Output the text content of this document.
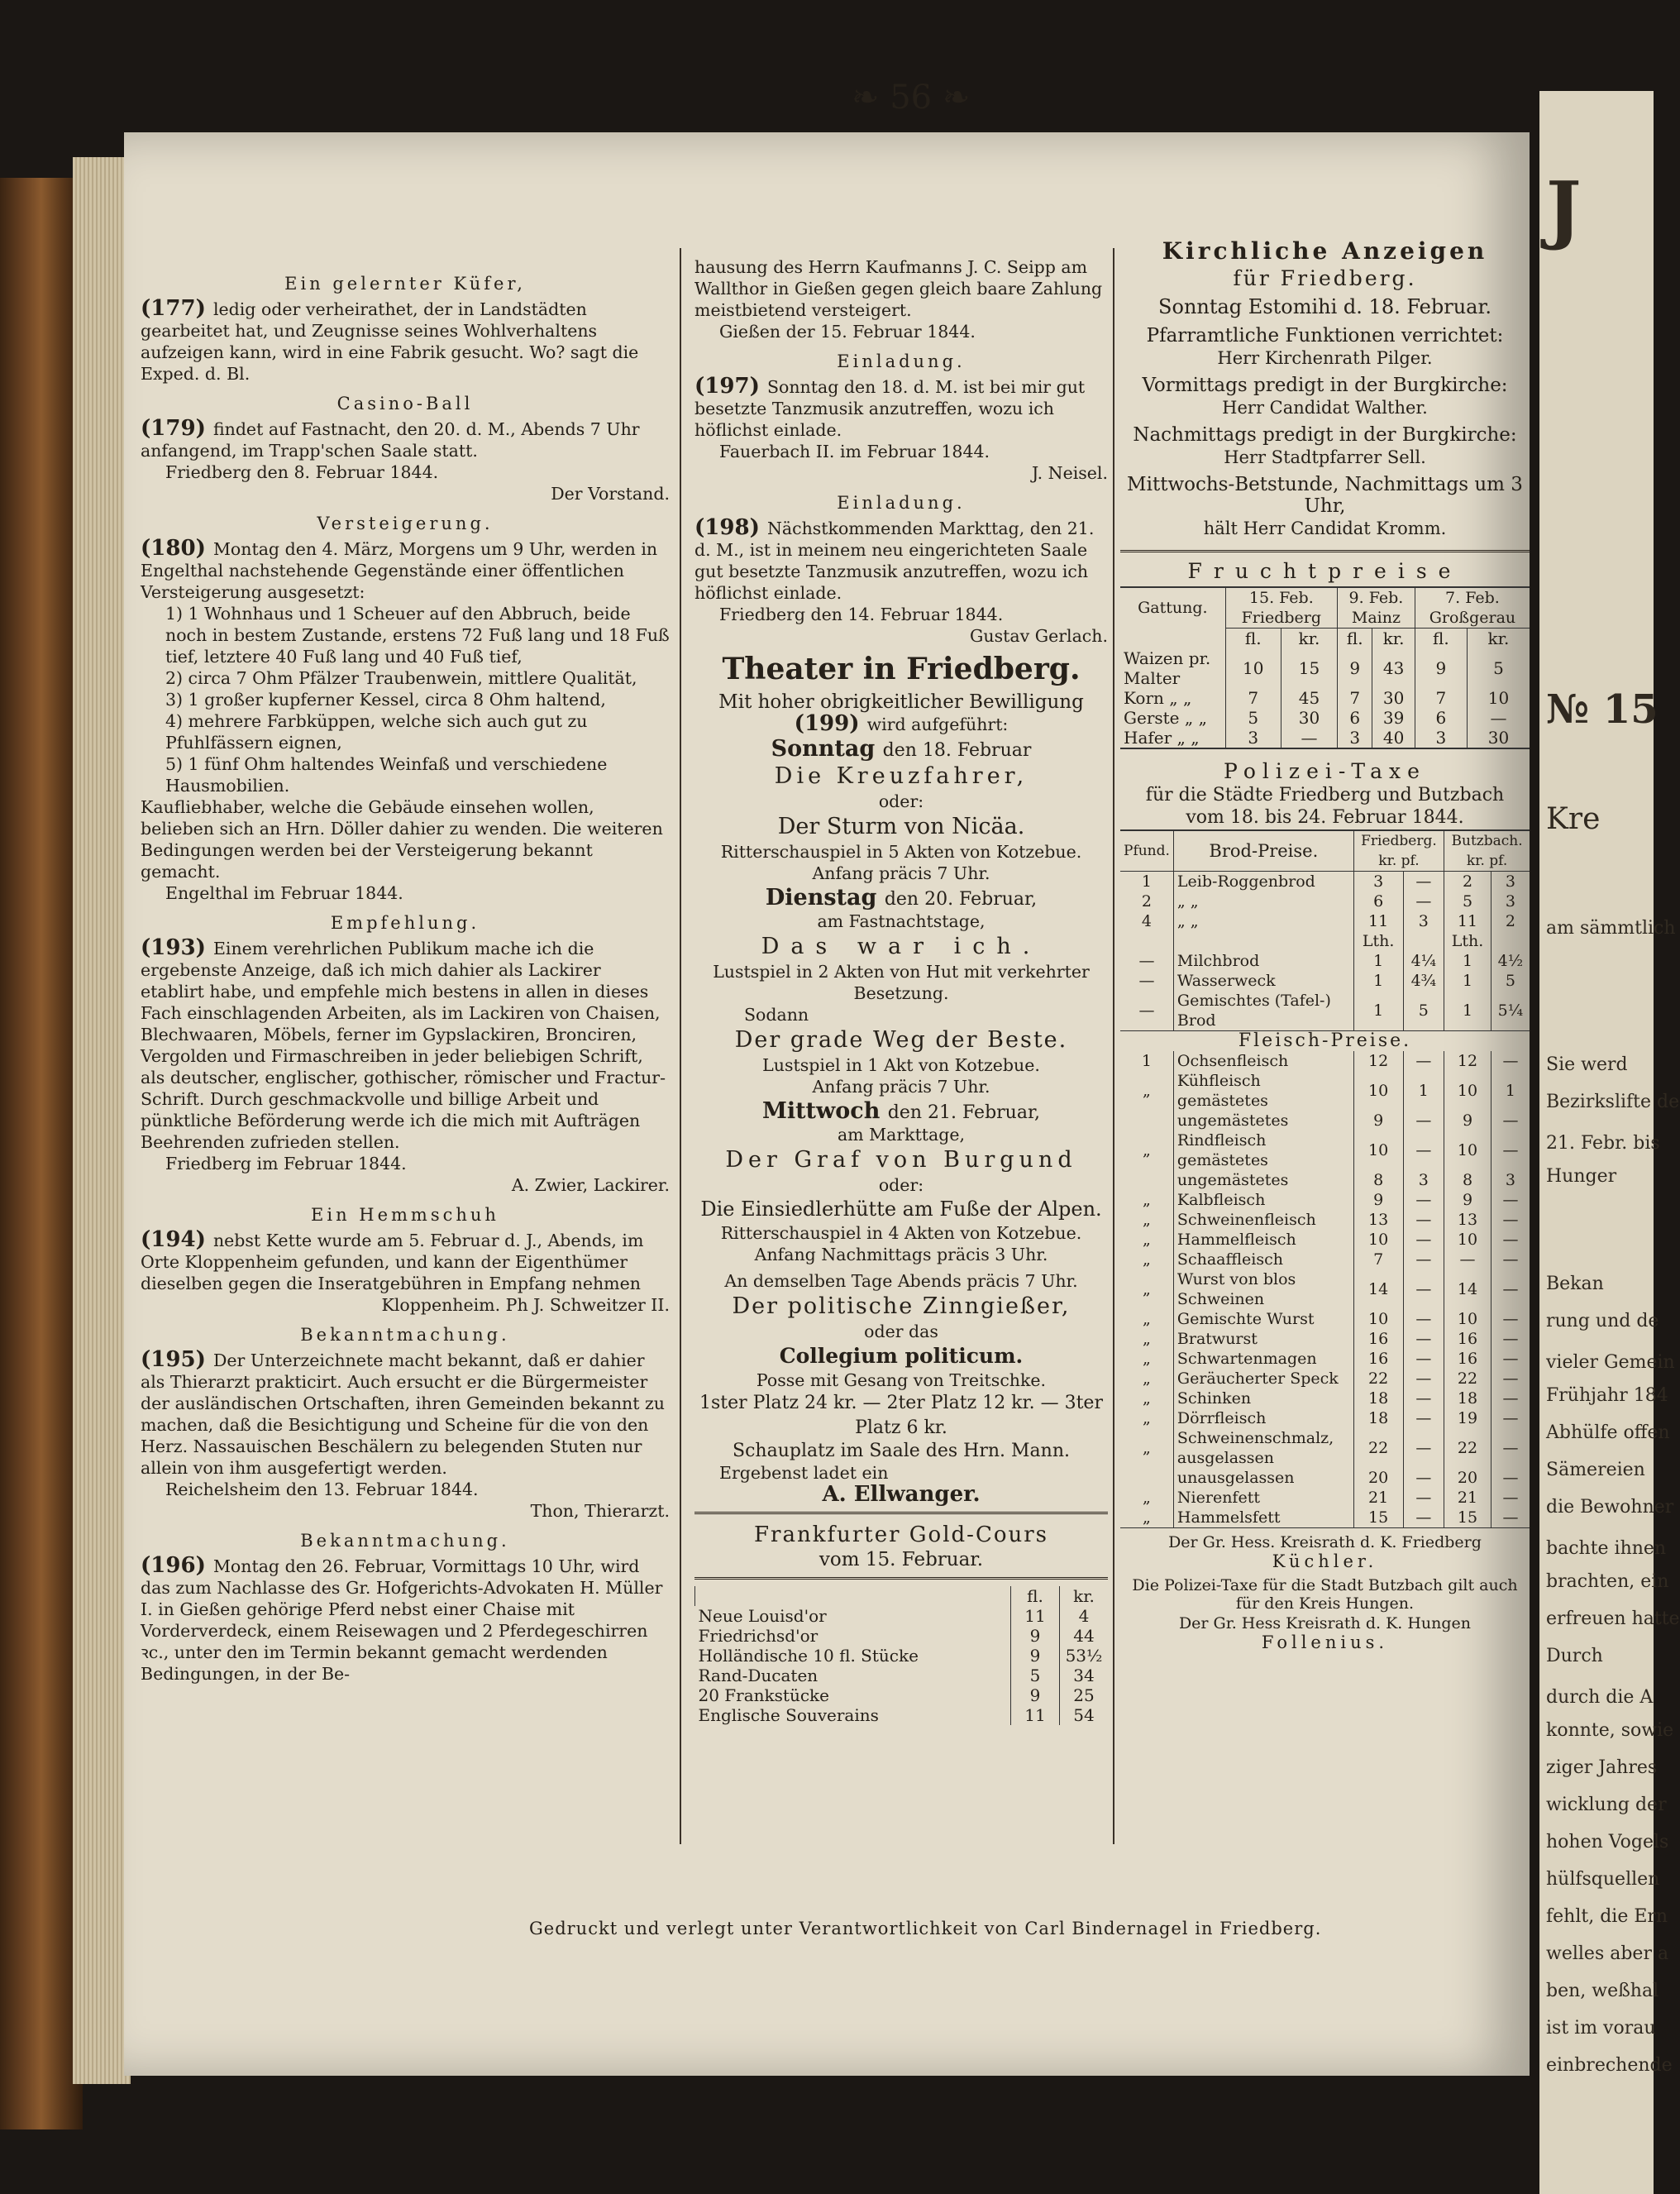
J
№ 15
Kre
am sämmtlich
Sie werd
Bezirkslifte de
21. Febr. bis
Hunger
Bekan
rung und de
vieler Gemein
Frühjahr 184
Abhülfe offen
Sämereien
die Bewohner
bachte ihnen
brachten, ein
erfreuen hatte
Durch
durch die A
konnte, sowie
ziger Jahres
wicklung der
hohen Vogels
hülfsquellen
fehlt, die Ern
welles aber a
ben, weßhal
ist im vorau
einbrechende
❧ 56 ❧
Ein gelernter Küfer,

(177) ledig oder verheirathet, der in Landstädten gearbeitet hat, und Zeugnisse seines Wohlverhaltens aufzeigen kann, wird in eine Fabrik gesucht. Wo? sagt die Exped. d. Bl.

Casino-Ball

(179) findet auf Fastnacht, den 20. d. M., Abends 7 Uhr anfangend, im Trapp'schen Saale statt.

Friedberg den 8. Februar 1844.

Der Vorstand.

Versteigerung.

(180) Montag den 4. März, Morgens um 9 Uhr, werden in Engelthal nachstehende Gegenstände einer öffentlichen Versteigerung ausgesetzt:

1) 1 Wohnhaus und 1 Scheuer auf den Abbruch, beide noch in bestem Zustande, erstens 72 Fuß lang und 18 Fuß tief, letztere 40 Fuß lang und 40 Fuß tief,

2) circa 7 Ohm Pfälzer Traubenwein, mittlere Qualität,

3) 1 großer kupferner Kessel, circa 8 Ohm haltend,

4) mehrere Farbküppen, welche sich auch gut zu Pfuhlfässern eignen,

5) 1 fünf Ohm haltendes Weinfaß und verschiedene Hausmobilien.

Kaufliebhaber, welche die Gebäude einsehen wollen, belieben sich an Hrn. Döller dahier zu wenden. Die weiteren Bedingungen werden bei der Versteigerung bekannt gemacht.

Engelthal im Februar 1844.

Empfehlung.

(193) Einem verehrlichen Publikum mache ich die ergebenste Anzeige, daß ich mich dahier als Lackirer etablirt habe, und empfehle mich bestens in allen in dieses Fach einschlagenden Arbeiten, als im Lackiren von Chaisen, Blechwaaren, Möbels, ferner im Gypslackiren, Bronciren, Vergolden und Firmaschreiben in jeder beliebigen Schrift, als deutscher, englischer, gothischer, römischer und Fractur-Schrift. Durch geschmackvolle und billige Arbeit und pünktliche Beförderung werde ich die mich mit Aufträgen Beehrenden zufrieden stellen.

Friedberg im Februar 1844.

A. Zwier, Lackirer.

Ein Hemmschuh

(194) nebst Kette wurde am 5. Februar d. J., Abends, im Orte Kloppenheim gefunden, und kann der Eigenthümer dieselben gegen die Inseratgebühren in Empfang nehmen

Kloppenheim. Ph J. Schweitzer II.

Bekanntmachung.

(195) Der Unterzeichnete macht bekannt, daß er dahier als Thierarzt prakticirt. Auch ersucht er die Bürgermeister der ausländischen Ortschaften, ihren Gemeinden bekannt zu machen, daß die Besichtigung und Scheine für die von den Herz. Nassauischen Beschälern zu belegenden Stuten nur allein von ihm ausgefertigt werden.

Reichelsheim den 13. Februar 1844.

Thon, Thierarzt.

Bekanntmachung.

(196) Montag den 26. Februar, Vormittags 10 Uhr, wird das zum Nachlasse des Gr. Hofgerichts-Advokaten H. Müller I. in Gießen gehörige Pferd nebst einer Chaise mit Vorderverdeck, einem Reisewagen und 2 Pferdegeschirren ꝛc., unter den im Termin bekannt gemacht werdenden Bedingungen, in der Be-

hausung des Herrn Kaufmanns J. C. Seipp am Wallthor in Gießen gegen gleich baare Zahlung meistbietend versteigert.

Gießen der 15. Februar 1844.

Einladung.

(197) Sonntag den 18. d. M. ist bei mir gut besetzte Tanzmusik anzutreffen, wozu ich höflichst einlade.

Fauerbach II. im Februar 1844.

J. Neisel.

Einladung.

(198) Nächstkommenden Markttag, den 21. d. M., ist in meinem neu eingerichteten Saale gut besetzte Tanzmusik anzutreffen, wozu ich höflichst einlade.

Friedberg den 14. Februar 1844.

Gustav Gerlach.

Theater in Friedberg.

Mit hoher obrigkeitlicher Bewilligung

(199) wird aufgeführt:

Sonntag den 18. Februar

Die Kreuzfahrer,

oder:

Der Sturm von Nicäa.

Ritterschauspiel in 5 Akten von Kotzebue.

Anfang präcis 7 Uhr.

Dienstag den 20. Februar,

am Fastnachtstage,

Das war ich.

Lustspiel in 2 Akten von Hut mit verkehrter Besetzung.

Sodann

Der grade Weg der Beste.

Lustspiel in 1 Akt von Kotzebue.

Anfang präcis 7 Uhr.

Mittwoch den 21. Februar,

am Markttage,

Der Graf von Burgund

oder:

Die Einsiedlerhütte am Fuße der Alpen.

Ritterschauspiel in 4 Akten von Kotzebue.

Anfang Nachmittags präcis 3 Uhr.

An demselben Tage Abends präcis 7 Uhr.

Der politische Zinngießer,

oder das

Collegium politicum.

Posse mit Gesang von Treitschke.

1ster Platz 24 kr. — 2ter Platz 12 kr. — 3ter Platz 6 kr.

Schauplatz im Saale des Hrn. Mann.

Ergebenst ladet ein

A. Ellwanger.

Frankfurter Gold-Cours

vom 15. Februar.

	fl.	kr.
Neue Louisd'or	11	4
Friedrichsd'or	9	44
Holländische 10 fl. Stücke	9	53½
Rand-Ducaten	5	34
20 Frankstücke	9	25
Englische Souverains	11	54

Kirchliche Anzeigen

für Friedberg.

Sonntag Estomihi d. 18. Februar.

Pfarramtliche Funktionen verrichtet:

Herr Kirchenrath Pilger.

Vormittags predigt in der Burgkirche:

Herr Candidat Walther.

Nachmittags predigt in der Burgkirche:

Herr Stadtpfarrer Sell.

Mittwochs-Betstunde, Nachmittags um 3 Uhr,

hält Herr Candidat Kromm.

Fruchtpreise

Gattung.	15. Feb. Friedberg		9. Feb. Mainz		7. Feb. Großgerau	
	fl.	kr.	fl.	kr.	fl.	kr.
Waizen pr. Malter	10	15	9	43	9	5
Korn „ „	7	45	7	30	7	10
Gerste „ „	5	30	6	39	6	—
Hafer „ „	3	—	3	40	3	30

Polizei-Taxe

für die Städte Friedberg und Butzbach

vom 18. bis 24. Februar 1844.

Pfund.	Brod-Preise.	Friedberg. kr. pf.		Butzbach. kr. pf.	
1	Leib-Roggenbrod	3	—	2	3
2	„ „	6	—	5	3
4	„ „	11	3	11	2
		Lth.		Lth.	
—	Milchbrod	1	4¼	1	4½
—	Wasserweck	1	4¾	1	5
—	Gemischtes (Tafel-) Brod	1	5	1	5¼
Fleisch-Preise.					
1	Ochsenfleisch	12	—	12	—
„	Kühfleisch gemästetes	10	1	10	1
	ungemästetes	9	—	9	—
„	Rindfleisch gemästetes	10	—	10	—
	ungemästetes	8	3	8	3
„	Kalbfleisch	9	—	9	—
„	Schweinenfleisch	13	—	13	—
„	Hammelfleisch	10	—	10	—
„	Schaaffleisch	7	—	—	—
„	Wurst von blos Schweinen	14	—	14	—
„	Gemischte Wurst	10	—	10	—
„	Bratwurst	16	—	16	—
„	Schwartenmagen	16	—	16	—
„	Geräucherter Speck	22	—	22	—
„	Schinken	18	—	18	—
„	Dörrfleisch	18	—	19	—
„	Schweinenschmalz, ausgelassen	22	—	22	—
	unausgelassen	20	—	20	—
„	Nierenfett	21	—	21	—
„	Hammelsfett	15	—	15	—

Der Gr. Hess. Kreisrath d. K. Friedberg

Küchler.

Die Polizei-Taxe für die Stadt Butzbach gilt auch für den Kreis Hungen.

Der Gr. Hess Kreisrath d. K. Hungen

Follenius.

Gedruckt und verlegt unter Verantwortlichkeit von Carl Bindernagel in Friedberg.
